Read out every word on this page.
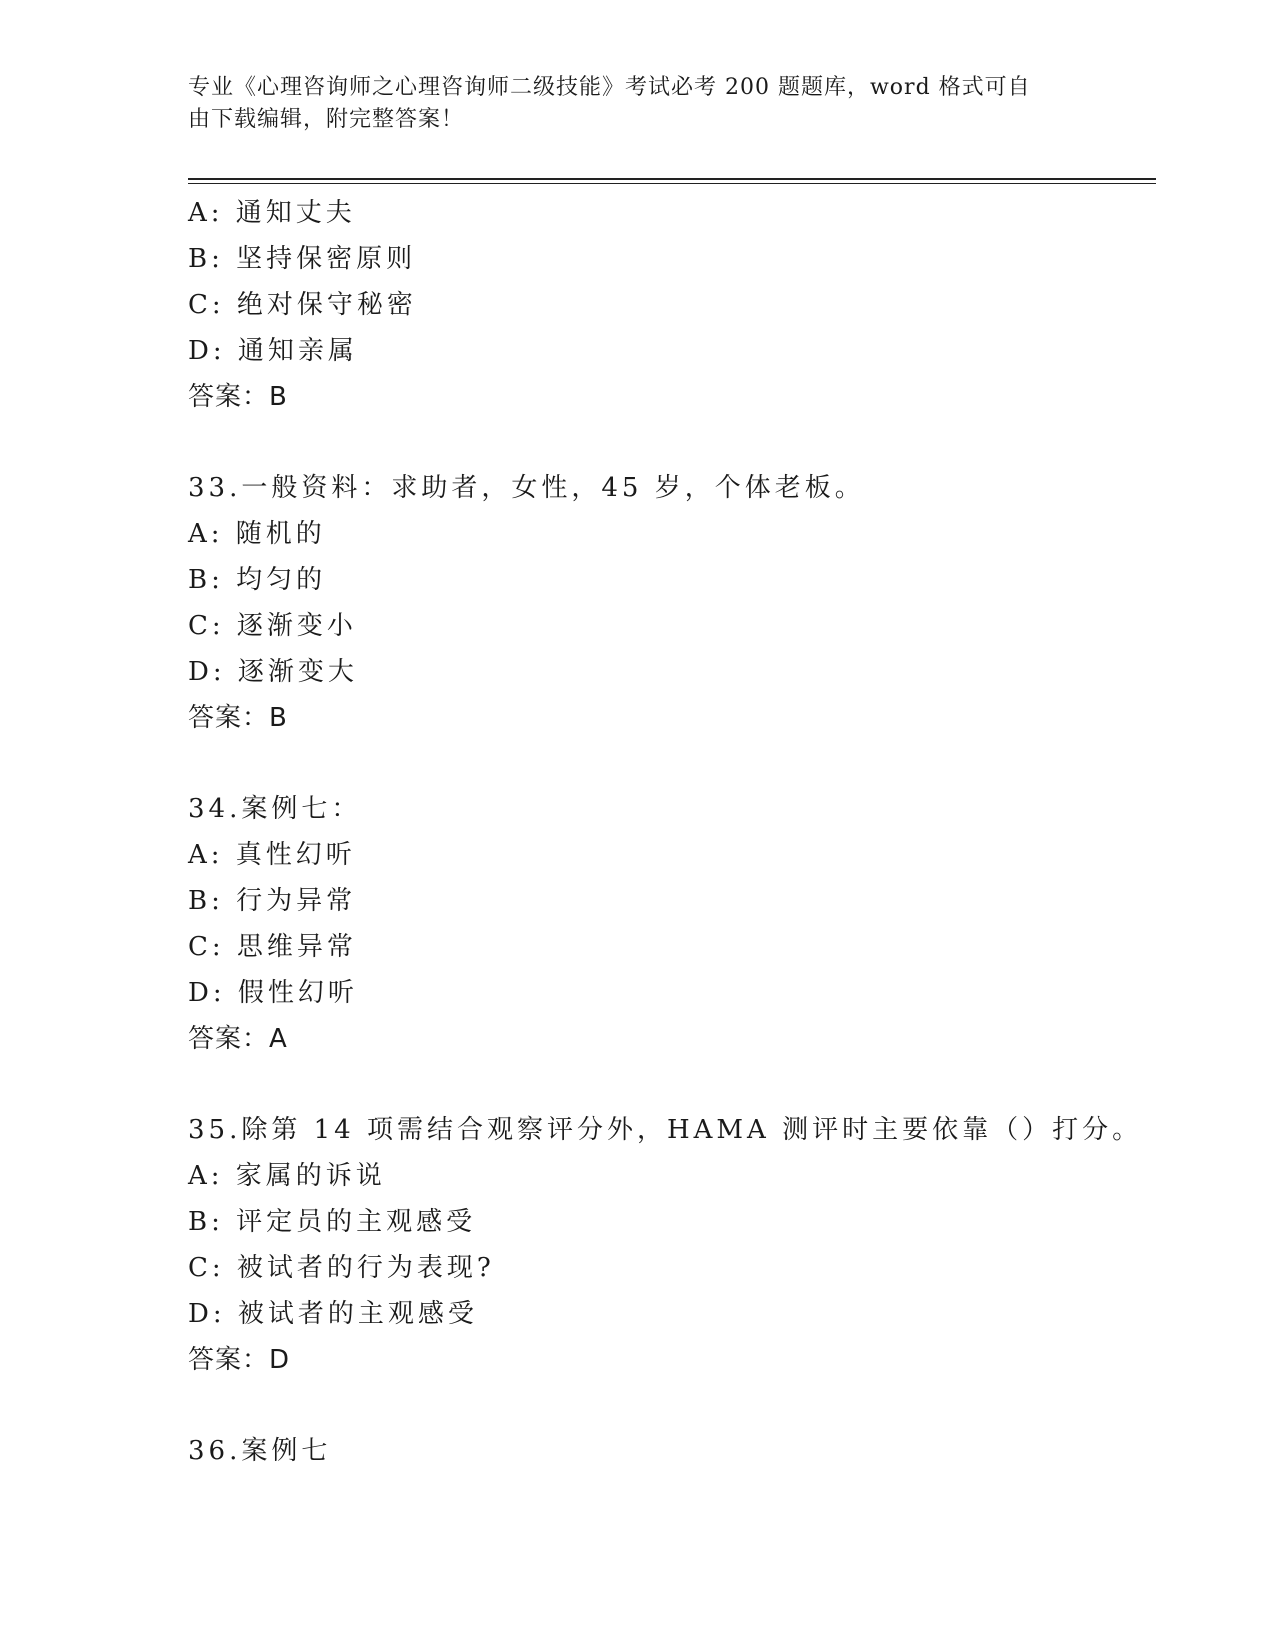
专业《心理咨询师之心理咨询师二级技能》考试必考 200 题题库，word 格式可自
由下载编辑，附完整答案！
A: 通知丈夫
B: 坚持保密原则
C: 绝对保守秘密
D: 通知亲属
答案：B
33.一般资料：求助者，女性，45 岁，个体老板。
A: 随机的
B: 均匀的
C: 逐渐变小
D: 逐渐变大
答案：B
34.案例七：
A: 真性幻听
B: 行为异常
C: 思维异常
D: 假性幻听
答案：A
35.除第 14 项需结合观察评分外，HAMA 测评时主要依靠（）打分。
A: 家属的诉说
B: 评定员的主观感受
C: 被试者的行为表现?
D: 被试者的主观感受
答案：D
36.案例七
